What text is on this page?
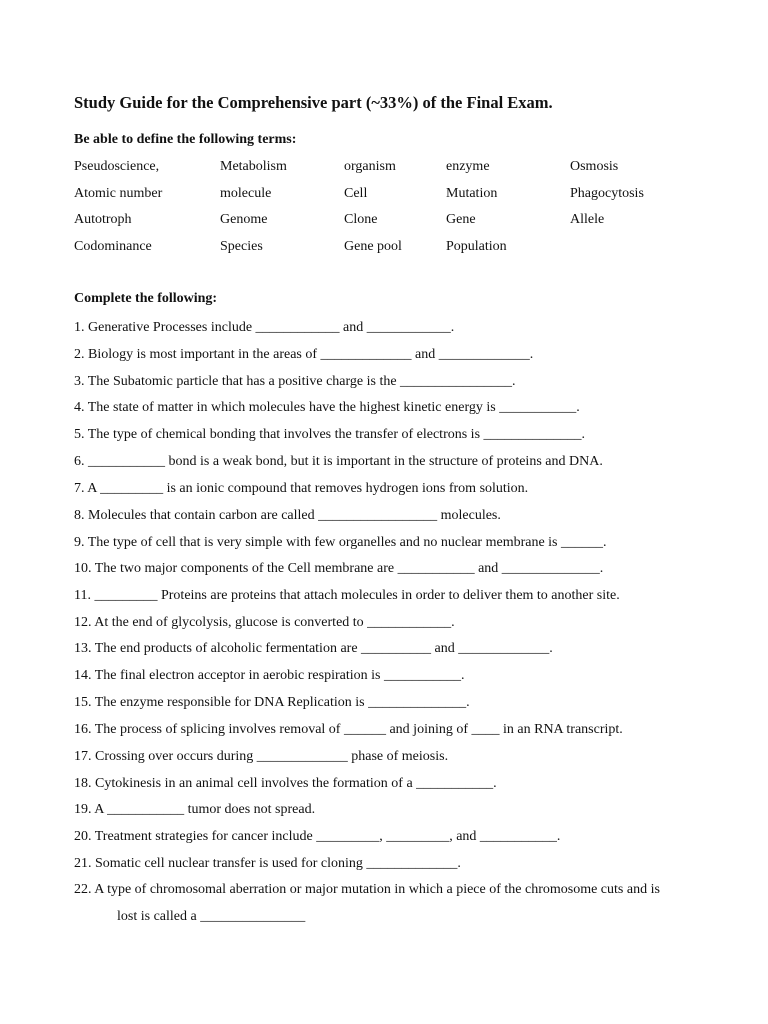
Study Guide for the Comprehensive part (~33%) of the Final Exam.
Be able to define the following terms:
Pseudoscience,	Metabolism	organism	enzyme	Osmosis
Atomic number	molecule	Cell	Mutation	Phagocytosis
Autotroph	Genome	Clone	Gene	Allele
Codominance	Species	Gene pool	Population
Complete the following:
1. Generative Processes include ____________ and ____________.
2. Biology is most important in the areas of _____________ and _____________.
3. The Subatomic particle that has a positive charge is the ________________.
4. The state of matter in which molecules have the highest kinetic energy is ___________.
5. The type of chemical bonding that involves the transfer of electrons is ______________.
6. ___________ bond is a weak bond, but it is important in the structure of proteins and DNA.
7. A _________ is an ionic compound that removes hydrogen ions from solution.
8. Molecules that contain carbon are called _________________ molecules.
9. The type of cell that is very simple with few organelles and no nuclear membrane is ______.
10. The two major components of the Cell membrane are ___________ and ______________.
11. _________ Proteins are proteins that attach molecules in order to deliver them to another site.
12. At the end of glycolysis, glucose is converted to ____________.
13. The end products of alcoholic fermentation are __________ and _____________.
14. The final electron acceptor in aerobic respiration is ___________.
15. The enzyme responsible for DNA Replication is ______________.
16. The process of splicing involves removal of ______ and joining of ____ in an RNA transcript.
17. Crossing over occurs during _____________ phase of meiosis.
18. Cytokinesis in an animal cell involves the formation of a ___________.
19. A ___________ tumor does not spread.
20. Treatment strategies for cancer include _________, _________, and ___________.
21. Somatic cell nuclear transfer is used for cloning _____________.
22. A type of chromosomal aberration or major mutation in which a piece of the chromosome cuts and is
lost is called a _______________
